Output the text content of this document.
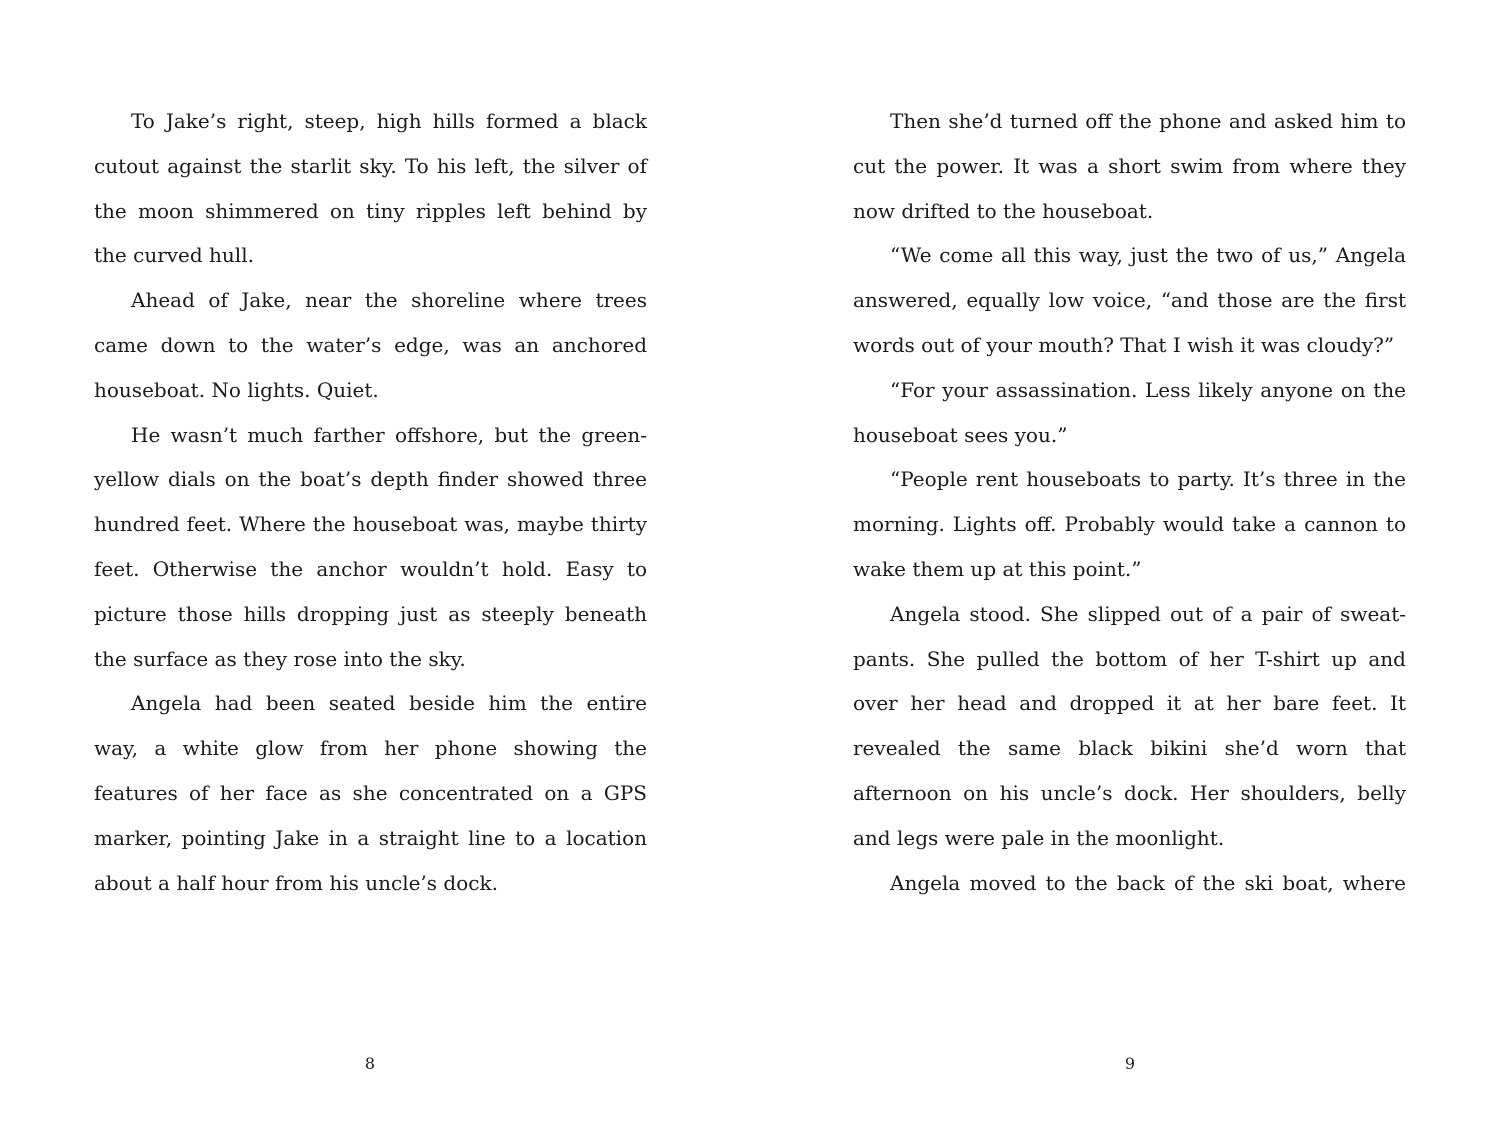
To Jake’s right, steep, high hills formed a black cutout against the starlit sky. To his left, the silver of the moon shimmered on tiny ripples left behind by the curved hull.

Ahead of Jake, near the shoreline where trees came down to the water’s edge, was an anchored houseboat. No lights. Quiet.

He wasn’t much farther offshore, but the green-yellow dials on the boat’s depth finder showed three hundred feet. Where the houseboat was, maybe thirty feet. Otherwise the anchor wouldn’t hold. Easy to picture those hills dropping just as steeply beneath the surface as they rose into the sky.

Angela had been seated beside him the entire way, a white glow from her phone showing the features of her face as she concentrated on a GPS marker, pointing Jake in a straight line to a location about a half hour from his uncle’s dock.

8

Then she’d turned off the phone and asked him to cut the power. It was a short swim from where they now drifted to the houseboat.

“We come all this way, just the two of us,” Angela answered, equally low voice, “and those are the first words out of your mouth? That I wish it was cloudy?”

“For your assassination. Less likely anyone on the houseboat sees you.”

“People rent houseboats to party. It’s three in the morning. Lights off. Probably would take a cannon to wake them up at this point.”

Angela stood. She slipped out of a pair of sweat-pants. She pulled the bottom of her T-shirt up and over her head and dropped it at her bare feet. It revealed the same black bikini she’d worn that afternoon on his uncle’s dock. Her shoulders, belly and legs were pale in the moonlight.

Angela moved to the back of the ski boat, where

9
